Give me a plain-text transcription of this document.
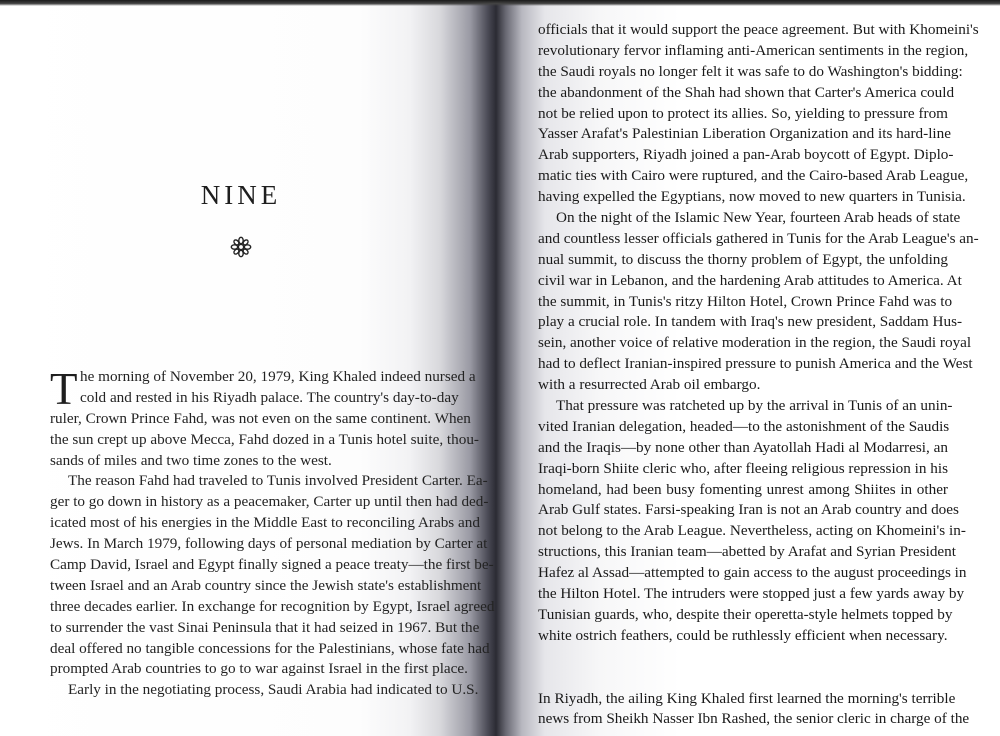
NINE
T he morning of November 20, 1979, King Khaled indeed nursed a
cold and rested in his Riyadh palace. The country's day-to-day
ruler, Crown Prince Fahd, was not even on the same continent. When
the sun crept up above Mecca, Fahd dozed in a Tunis hotel suite, thou-
sands of miles and two time zones to the west.
The reason Fahd had traveled to Tunis involved President Carter. Ea-
ger to go down in history as a peacemaker, Carter up until then had ded-
icated most of his energies in the Middle East to reconciling Arabs and
Jews. In March 1979, following days of personal mediation by Carter at
Camp David, Israel and Egypt finally signed a peace treaty—the first be-
tween Israel and an Arab country since the Jewish state's establishment
three decades earlier. In exchange for recognition by Egypt, Israel agreed
to surrender the vast Sinai Peninsula that it had seized in 1967. But the
deal offered no tangible concessions for the Palestinians, whose fate had
prompted Arab countries to go to war against Israel in the first place.
Early in the negotiating process, Saudi Arabia had indicated to U.S.
officials that it would support the peace agreement. But with Khomeini's
revolutionary fervor inflaming anti-American sentiments in the region,
the Saudi royals no longer felt it was safe to do Washington's bidding:
the abandonment of the Shah had shown that Carter's America could
not be relied upon to protect its allies. So, yielding to pressure from
Yasser Arafat's Palestinian Liberation Organization and its hard-line
Arab supporters, Riyadh joined a pan-Arab boycott of Egypt. Diplo-
matic ties with Cairo were ruptured, and the Cairo-based Arab League,
having expelled the Egyptians, now moved to new quarters in Tunisia.
On the night of the Islamic New Year, fourteen Arab heads of state
and countless lesser officials gathered in Tunis for the Arab League's an-
nual summit, to discuss the thorny problem of Egypt, the unfolding
civil war in Lebanon, and the hardening Arab attitudes to America. At
the summit, in Tunis's ritzy Hilton Hotel, Crown Prince Fahd was to
play a crucial role. In tandem with Iraq's new president, Saddam Hus-
sein, another voice of relative moderation in the region, the Saudi royal
had to deflect Iranian-inspired pressure to punish America and the West
with a resurrected Arab oil embargo.
That pressure was ratcheted up by the arrival in Tunis of an unin-
vited Iranian delegation, headed—to the astonishment of the Saudis
and the Iraqis—by none other than Ayatollah Hadi al Modarresi, an
Iraqi-born Shiite cleric who, after fleeing religious repression in his
homeland, had been busy fomenting unrest among Shiites in other
Arab Gulf states. Farsi-speaking Iran is not an Arab country and does
not belong to the Arab League. Nevertheless, acting on Khomeini's in-
structions, this Iranian team—abetted by Arafat and Syrian President
Hafez al Assad—attempted to gain access to the august proceedings in
the Hilton Hotel. The intruders were stopped just a few yards away by
Tunisian guards, who, despite their operetta-style helmets topped by
white ostrich feathers, could be ruthlessly efficient when necessary.
In Riyadh, the ailing King Khaled first learned the morning's terrible
news from Sheikh Nasser Ibn Rashed, the senior cleric in charge of the
